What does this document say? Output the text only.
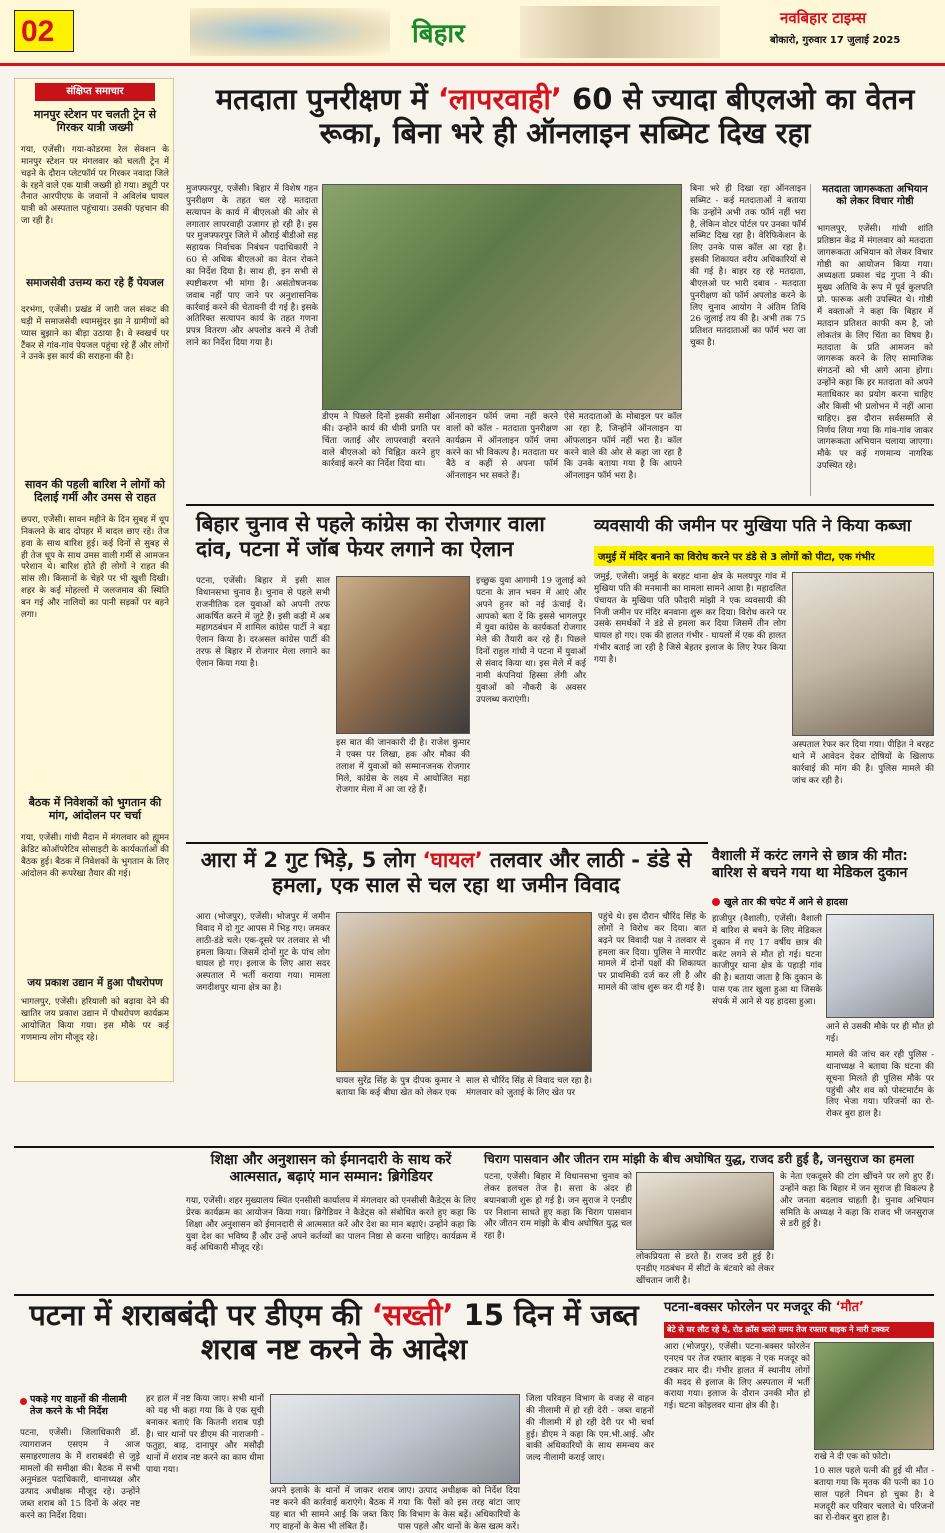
02	बिहार
नवबिहार टाइम्स
बोकारो, गुरुवार 17 जुलाई 2025
संक्षिप्त समाचार
मानपुर स्टेशन पर चलती ट्रेन से गिरकर यात्री जख्मी
गया, एजेंसी। गया-कोडरमा रेल सेक्शन के मानपुर स्टेशन पर मंगलवार को चलती ट्रेन में चढ़ने के दौरान प्लेटफॉर्म पर गिरकर नवादा जिले के रहने वाले एक यात्री जख्मी हो गया। ड्यूटी पर तैनात आरपीएफ के जवानों ने अविलंब घायल यात्री को अस्पताल पहुंचाया। उसकी पहचान की जा रही है।
समाजसेवी उत्तम्य करा रहे हैं पेयजल
दरभंगा, एजेंसी। प्रखंड में जारी जल संकट की घड़ी में समाजसेवी श्यामसुंदर झा ने ग्रामीणों को प्यास बुझाने का बीड़ा उठाया है। वे स्वखर्च पर टैंकर से गांव-गांव पेयजल पहुंचा रहे हैं और लोगों ने उनके इस कार्य की सराहना की है।
सावन की पहली बारिश ने लोगों को दिलाई गर्मी और उमस से राहत
छपरा, एजेंसी। सावन महीने के दिन सुबह में धूप निकलने के बाद दोपहर में बादल छाए रहे। तेज हवा के साथ बारिश हुई। कई दिनों से सुबह से ही तेज धूप के साथ उमस वाली गर्मी से आमजन परेशान थे। बारिश होते ही लोगों ने राहत की सांस ली। किसानों के चेहरे पर भी खुशी दिखी। शहर के कई मोहल्लों में जलजमाव की स्थिति बन गई और नालियों का पानी सड़कों पर बहने लगा।
बैठक में निवेशकों को भुगतान की मांग, आंदोलन पर चर्चा
गया, एजेंसी। गांधी मैदान में मंगलवार को ह्यूमन क्रेडिट कोऑपरेटिव सोसाइटी के कार्यकर्ताओं की बैठक हुई। बैठक में निवेशकों के भुगतान के लिए आंदोलन की रूपरेखा तैयार की गई।
जय प्रकाश उद्यान में हुआ पौधरोपण
भागलपुर, एजेंसी। हरियाली को बढ़ावा देने की खातिर जय प्रकाश उद्यान में पौधरोपण कार्यक्रम आयोजित किया गया। इस मौके पर कई गणमान्य लोग मौजूद रहे।
मतदाता पुनरीक्षण में ‘लापरवाही’ 60 से ज्यादा बीएलओ का वेतन रूका, बिना भरे ही ऑनलाइन सब्मिट दिख रहा
मुजफ्फरपुर, एजेंसी। बिहार में विशेष गहन पुनरीक्षण के तहत चल रहे मतदाता सत्यापन के कार्य में बीएलओ की ओर से लगातार लापरवाही उजागर हो रही है। इस पर मुजफ्फरपुर जिले में औराई बीडीओ सह सहायक निर्वाचक निबंधन पदाधिकारी ने 60 से अधिक बीएलओ का वेतन रोकने का निर्देश दिया है। साथ ही, इन सभी से स्पष्टीकरण भी मांगा है। असंतोषजनक जवाब नहीं पाए जाने पर अनुशासनिक कार्रवाई करने की चेतावनी दी गई है। इसके अतिरिक्त सत्यापन कार्य के तहत गणना प्रपत्र वितरण और अपलोड करने में तेजी लाने का निर्देश दिया गया है।
डीएम ने पिछले दिनों इसकी समीक्षा की। उन्होंने कार्य की धीमी प्रगति पर चिंता जताई और लापरवाही बरतने वाले बीएलओ को चिह्नित करने हुए कार्रवाई करने का निर्देश दिया था।
ऑनलाइन फॉर्म जमा नहीं करने वालों को कॉल - मतदाता पुनरीक्षण कार्यक्रम में ऑनलाइन फॉर्म जमा करने का भी विकल्प है। मतदाता घर बैठे व कहीं से अपना फॉर्म ऑनलाइन भर सकते हैं।
ऐसे मतदाताओं के मोबाइल पर कॉल आ रहा है, जिन्होंने ऑनलाइन या ऑफलाइन फॉर्म नहीं भरा है। कॉल करने वाले की ओर से कहा जा रहा है कि उनके बताया गया है कि आपने ऑनलाइन फॉर्म भरा है।
बिना भरे ही दिखा रहा ऑनलाइन सब्मिट - कई मतदाताओं ने बताया कि उन्होंने अभी तक फॉर्म नहीं भरा है, लेकिन वोटर पोर्टल पर उनका फॉर्म सब्मिट दिख रहा है। वेरिफिकेशन के लिए उनके पास कॉल आ रहा है। इसकी शिकायत वरीय अधिकारियों से की गई है। बाहर रह रहे मतदाता, बीएलओ पर भारी दबाव - मतदाता पुनरीक्षण को फॉर्म अपलोड करने के लिए चुनाव आयोग ने अंतिम तिथि 26 जुलाई तय की है। अभी तक 75 प्रतिशत मतदाताओं का फॉर्म भरा जा चुका है।
मतदाता जागरूकता अभियान को लेकर विचार गोष्ठी
भागलपुर, एजेंसी। गांधी शांति प्रतिष्ठान केंद्र में मंगलवार को मतदाता जागरूकता अभियान को लेकर विचार गोष्ठी का आयोजन किया गया। अध्यक्षता प्रकाश चंद्र गुप्ता ने की। मुख्य अतिथि के रूप में पूर्व कुलपति प्रो. फारूक अली उपस्थित थे। गोष्ठी में वक्ताओं ने कहा कि बिहार में मतदान प्रतिशत काफी कम है, जो लोकतंत्र के लिए चिंता का विषय है। मतदाता के प्रति आमजन को जागरूक करने के लिए सामाजिक संगठनों को भी आगे आना होगा। उन्होंने कहा कि हर मतदाता को अपने मताधिकार का प्रयोग करना चाहिए और किसी भी प्रलोभन में नहीं आना चाहिए। इस दौरान सर्वसम्मति से निर्णय लिया गया कि गांव-गांव जाकर जागरूकता अभियान चलाया जाएगा। मौके पर कई गणमान्य नागरिक उपस्थित रहे।
बिहार चुनाव से पहले कांग्रेस का रोजगार वाला दांव, पटना में जॉब फेयर लगाने का ऐलान
पटना, एजेंसी। बिहार में इसी साल विधानसभा चुनाव है। चुनाव से पहले सभी राजनीतिक दल युवाओं को अपनी तरफ आकर्षित करने में जुटे हैं। इसी कड़ी में अब महागठबंधन में शामिल कांग्रेस पार्टी ने बड़ा ऐलान किया है। दरअसल कांग्रेस पार्टी की तरफ से बिहार में रोजगार मेला लगाने का ऐलान किया गया है।
इस बात की जानकारी दी है। राजेश कुमार ने एक्स पर लिखा, हक और मौका की तलाश में युवाओं को सम्मानजनक रोजगार मिले, कांग्रेस के लक्ष्य में आयोजित महा रोजगार मेला में आ जा रहे हैं।
इच्छुक युवा आगामी 19 जुलाई को पटना के ज्ञान भवन में आएं और अपने हुनर को नई ऊंचाई दें। आपको बता दें कि इससे भागलपुर में युवा कांग्रेस के कार्यकर्ता रोजगार मेले की तैयारी कर रहे हैं। पिछले दिनों राहुल गांधी ने पटना में युवाओं से संवाद किया था। इस मेले में कई नामी कंपनियां हिस्सा लेंगी और युवाओं को नौकरी के अवसर उपलब्ध कराएंगी।
व्यवसायी की जमीन पर मुखिया पति ने किया कब्जा
जमुई में मंदिर बनाने का विरोध करने पर डंडे से 3 लोगों को पीटा, एक गंभीर
जमुई, एजेंसी। जमुई के बरहट थाना क्षेत्र के मलयपुर गांव में मुखिया पति की मनमानी का मामला सामने आया है। महादलित पंचायत के मुखिया पति फौदारी मांझी ने एक व्यवसायी की निजी जमीन पर मंदिर बनवाना शुरू कर दिया। विरोध करने पर उसके समर्थकों ने डंडे से हमला कर दिया जिसमें तीन लोग घायल हो गए। एक की हालत गंभीर - घायलों में एक की हालत गंभीर बताई जा रही है जिसे बेहतर इलाज के लिए रेफर किया गया है।
अस्पताल रेफर कर दिया गया। पीड़ित ने बरहट थाने में आवेदन देकर दोषियों के खिलाफ कार्रवाई की मांग की है। पुलिस मामले की जांच कर रही है।
आरा में 2 गुट भिड़े, 5 लोग ‘घायल’ तलवार और लाठी - डंडे से हमला, एक साल से चल रहा था जमीन विवाद
आरा (भोजपुर), एजेंसी। भोजपुर में जमीन विवाद में दो गुट आपस में भिड़ गए। जमकर लाठी-डंडे चले। एक-दूसरे पर तलवार से भी हमला किया। जिसमें दोनों गुट के पांच लोग घायल हो गए। इलाज के लिए आरा सदर अस्पताल में भर्ती कराया गया। मामला जगदीशपुर थाना क्षेत्र का है।
घायल सुरेंद्र सिंह के पुत्र दीपक कुमार ने बताया कि कई बीघा खेत को लेकर एक
साल से चौरिंद सिंह से विवाद चल रहा है। मंगलवार को जुताई के लिए खेत पर
पहुंचे थे। इस दौरान चौरिंद सिंह के लोगों ने विरोध कर दिया। बात बढ़ने पर विवादी पक्ष ने तलवार से हमला कर दिया। पुलिस ने मारपीट मामले में दोनों पक्षों की शिकायत पर प्राथमिकी दर्ज कर ली है और मामले की जांच शुरू कर दी गई है।
वैशाली में करंट लगने से छात्र की मौत: बारिश से बचने गया था मेडिकल दुकान
खुले तार की चपेट में आने से हादसा
हाजीपुर (वैशाली), एजेंसी। वैशाली में बारिश से बचने के लिए मेडिकल दुकान में गए 17 वर्षीय छात्र की करंट लगने से मौत हो गई। घटना काजीपुर थाना क्षेत्र के पहाड़ी गांव की है। बताया जाता है कि दुकान के पास एक तार खुला हुआ था जिसके संपर्क में आने से यह हादसा हुआ।
आने से उसकी मौके पर ही मौत हो गई।
मामले की जांच कर रही पुलिस - थानाध्यक्ष ने बताया कि घटना की सूचना मिलते ही पुलिस मौके पर पहुंची और शव को पोस्टमार्टम के लिए भेजा गया। परिजनों का रो-रोकर बुरा हाल है।
शिक्षा और अनुशासन को ईमानदारी के साथ करें आत्मसात, बढ़ाएं मान सम्मान: ब्रिगेडियर
गया, एजेंसी। शहर मुख्यालय स्थित एनसीसी कार्यालय में मंगलवार को एनसीसी कैडेट्स के लिए प्रेरक कार्यक्रम का आयोजन किया गया। ब्रिगेडियर ने कैडेट्स को संबोधित करते हुए कहा कि शिक्षा और अनुशासन को ईमानदारी से आत्मसात करें और देश का मान बढ़ाएं। उन्होंने कहा कि युवा देश का भविष्य हैं और उन्हें अपने कर्तव्यों का पालन निष्ठा से करना चाहिए। कार्यक्रम में कई अधिकारी मौजूद रहे।
चिराग पासवान और जीतन राम मांझी के बीच अघोषित युद्ध, राजद डरी हुई है, जनसुराज का हमला
पटना, एजेंसी। बिहार में विधानसभा चुनाव को लेकर हलचल तेज है। सत्ता के अंदर ही बयानबाजी शुरू हो गई है। जन सुराज ने एनडीए पर निशाना साधते हुए कहा कि चिराग पासवान और जीतन राम मांझी के बीच अघोषित युद्ध चल रहा है।
लोकप्रियता से डरते हैं। राजद डरी हुई है। एनडीए गठबंधन में सीटों के बंटवारे को लेकर खींचतान जारी है।
के नेता एकदूसरे की टांग खींचने पर लगे हुए हैं। उन्होंने कहा कि बिहार में जन सुराज ही विकल्प है और जनता बदलाव चाहती है। चुनाव अभियान समिति के अध्यक्ष ने कहा कि राजद भी जनसुराज से डरी हुई है।
पटना में शराबबंदी पर डीएम की ‘सख्ती’ 15 दिन में जब्त शराब नष्ट करने के आदेश
पकड़े गए वाहनों की नीलामी तेज करने के भी निर्देश
पटना, एजेंसी। जिलाधिकारी डॉ. त्यागराजन एसएम ने आज समाहरणालय के मेें शराबबंदी से जुड़े मामलों की समीक्षा की। बैठक में सभी अनुमंडल पदाधिकारी, थानाध्यक्ष और उत्पाद अधीक्षक मौजूद रहे। उन्होंने जब्त शराब को 15 दिनों के अंदर नष्ट करने का निर्देश दिया।
हर हाल में नष्ट किया जाए। सभी थानों को यह भी कहा गया कि वे एक सूची बनाकर बताएं कि कितनी शराब पड़ी है। चार थानों पर डीएम की नाराजगी - फतुहा, बाढ़, दानापुर और मसौढ़ी थानों में शराब नष्ट करने का काम धीमा पाया गया।
अपने इलाके के थानों में जाकर शराब नष्ट करने की कार्रवाई कराएंगे। बैठक में यह बात भी सामने आई कि जब्त किए गए वाहनों के केस भी लंबित हैं।
जाए। उत्पाद अधीक्षक को निर्देश दिया गया कि पैसों को इस तरह बांटा जाए कि विभाग के केस बढ़ें। अधिकारियों के पास पहले और थानों के केस खत्म करें।
जिला परिवहन विभाग के वजह से वाहन की नीलामी में हो रही देरी - जब्त वाहनों की नीलामी में हो रही देरी पर भी चर्चा हुई। डीएम ने कहा कि एम.भी.आई. और बाकी अधिकारियों के साथ समन्वय कर जल्द नीलामी कराई जाए।
पटना-बक्सर फोरलेन पर मजदूर की ‘मौत’
बेटे से घर लौट रहे थे, रोड क्रॉस करते समय तेज रफ्तार बाइक ने मारी टक्कर
आरा (भोजपुर), एजेंसी। पटना-बक्सर फोरलेन एनएच पर तेज रफ्तार बाइक ने एक मजदूर को टक्कर मार दी। गंभीर हालत में स्थानीय लोगों की मदद से इलाज के लिए अस्पताल में भर्ती कराया गया। इलाज के दौरान उनकी मौत हो गई। घटना कोइलवर थाना क्षेत्र की है।
राखे ने दी एक को फोटो।
10 साल पहले पत्नी की हुई थी मौत - बताया गया कि मृतक की पत्नी का 10 साल पहले निधन हो चुका है। वे मजदूरी कर परिवार चलाते थे। परिजनों का रो-रोकर बुरा हाल है।
